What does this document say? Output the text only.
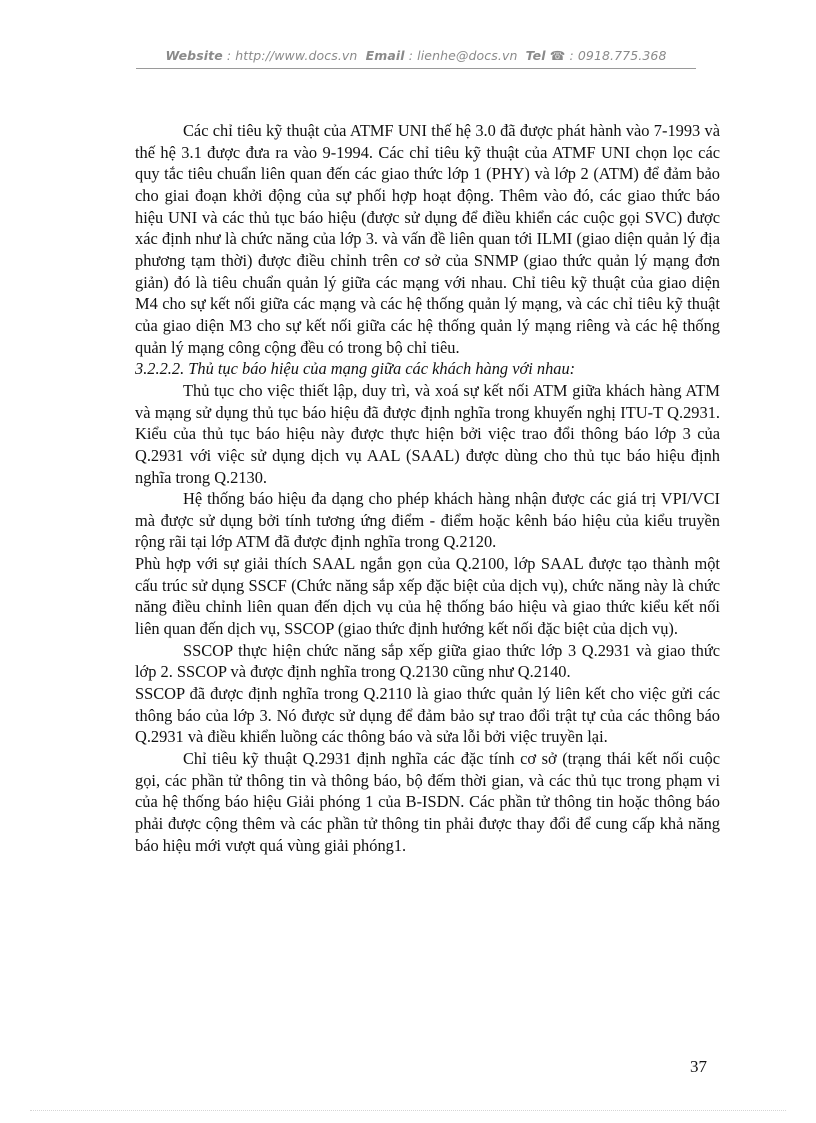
Website : http://www.docs.vn Email : lienhe@docs.vn Tel ☎ : 0918.775.368

Các chỉ tiêu kỹ thuật của ATMF UNI thế hệ 3.0 đã được phát hành vào 7-1993 và thế hệ 3.1 được đưa ra vào 9-1994. Các chỉ tiêu kỹ thuật của ATMF UNI chọn lọc các quy tắc tiêu chuẩn liên quan đến các giao thức lớp 1 (PHY) và lớp 2 (ATM) để đảm bảo cho giai đoạn khởi động của sự phối hợp hoạt động. Thêm vào đó, các giao thức báo hiệu UNI và các thủ tục báo hiệu (được sử dụng để điều khiển các cuộc gọi SVC) được xác định như là chức năng của lớp 3. và vấn đề liên quan tới ILMI (giao diện quản lý địa phương tạm thời) được điều chỉnh trên cơ sở của SNMP (giao thức quản lý mạng đơn giản) đó là tiêu chuẩn quản lý giữa các mạng với nhau. Chỉ tiêu kỹ thuật của giao diện M4 cho sự kết nối giữa các mạng và các hệ thống quản lý mạng, và các chỉ tiêu kỹ thuật của giao diện M3 cho sự kết nối giữa các hệ thống quản lý mạng riêng và các hệ thống quản lý mạng công cộng đều có trong bộ chỉ tiêu.

3.2.2.2. Thủ tục báo hiệu của mạng giữa các khách hàng với nhau:

Thủ tục cho việc thiết lập, duy trì, và xoá sự kết nối ATM giữa khách hàng ATM và mạng sử dụng thủ tục báo hiệu đã được định nghĩa trong khuyến nghị ITU-T Q.2931. Kiểu của thủ tục báo hiệu này được thực hiện bởi việc trao đổi thông báo lớp 3 của Q.2931 với việc sử dụng dịch vụ AAL (SAAL) được dùng cho thủ tục báo hiệu định nghĩa trong Q.2130.

Hệ thống báo hiệu đa dạng cho phép khách hàng nhận được các giá trị VPI/VCI mà được sử dụng bởi tính tương ứng điểm - điểm hoặc kênh báo hiệu của kiểu truyền rộng rãi tại lớp ATM đã được định nghĩa trong Q.2120.

Phù hợp với sự giải thích SAAL ngắn gọn của Q.2100, lớp SAAL được tạo thành một cấu trúc sử dụng SSCF (Chức năng sắp xếp đặc biệt của dịch vụ), chức năng này là chức năng điều chỉnh liên quan đến dịch vụ của hệ thống báo hiệu và giao thức kiểu kết nối liên quan đến dịch vụ, SSCOP (giao thức định hướng kết nối đặc biệt của dịch vụ).

SSCOP thực hiện chức năng sắp xếp giữa giao thức lớp 3 Q.2931 và giao thức lớp 2. SSCOP và được định nghĩa trong Q.2130 cũng như Q.2140.

SSCOP đã được định nghĩa trong Q.2110 là giao thức quản lý liên kết cho việc gửi các thông báo của lớp 3. Nó được sử dụng để đảm bảo sự trao đổi trật tự của các thông báo Q.2931 và điều khiển luồng các thông báo và sửa lỗi bởi việc truyền lại.

Chỉ tiêu kỹ thuật Q.2931 định nghĩa các đặc tính cơ sở (trạng thái kết nối cuộc gọi, các phần tử thông tin và thông báo, bộ đếm thời gian, và các thủ tục trong phạm vi của hệ thống báo hiệu Giải phóng 1 của B-ISDN. Các phần tử thông tin hoặc thông báo phải được cộng thêm và các phần tử thông tin phải được thay đổi để cung cấp khả năng báo hiệu mới vượt quá vùng giải phóng1.

37
